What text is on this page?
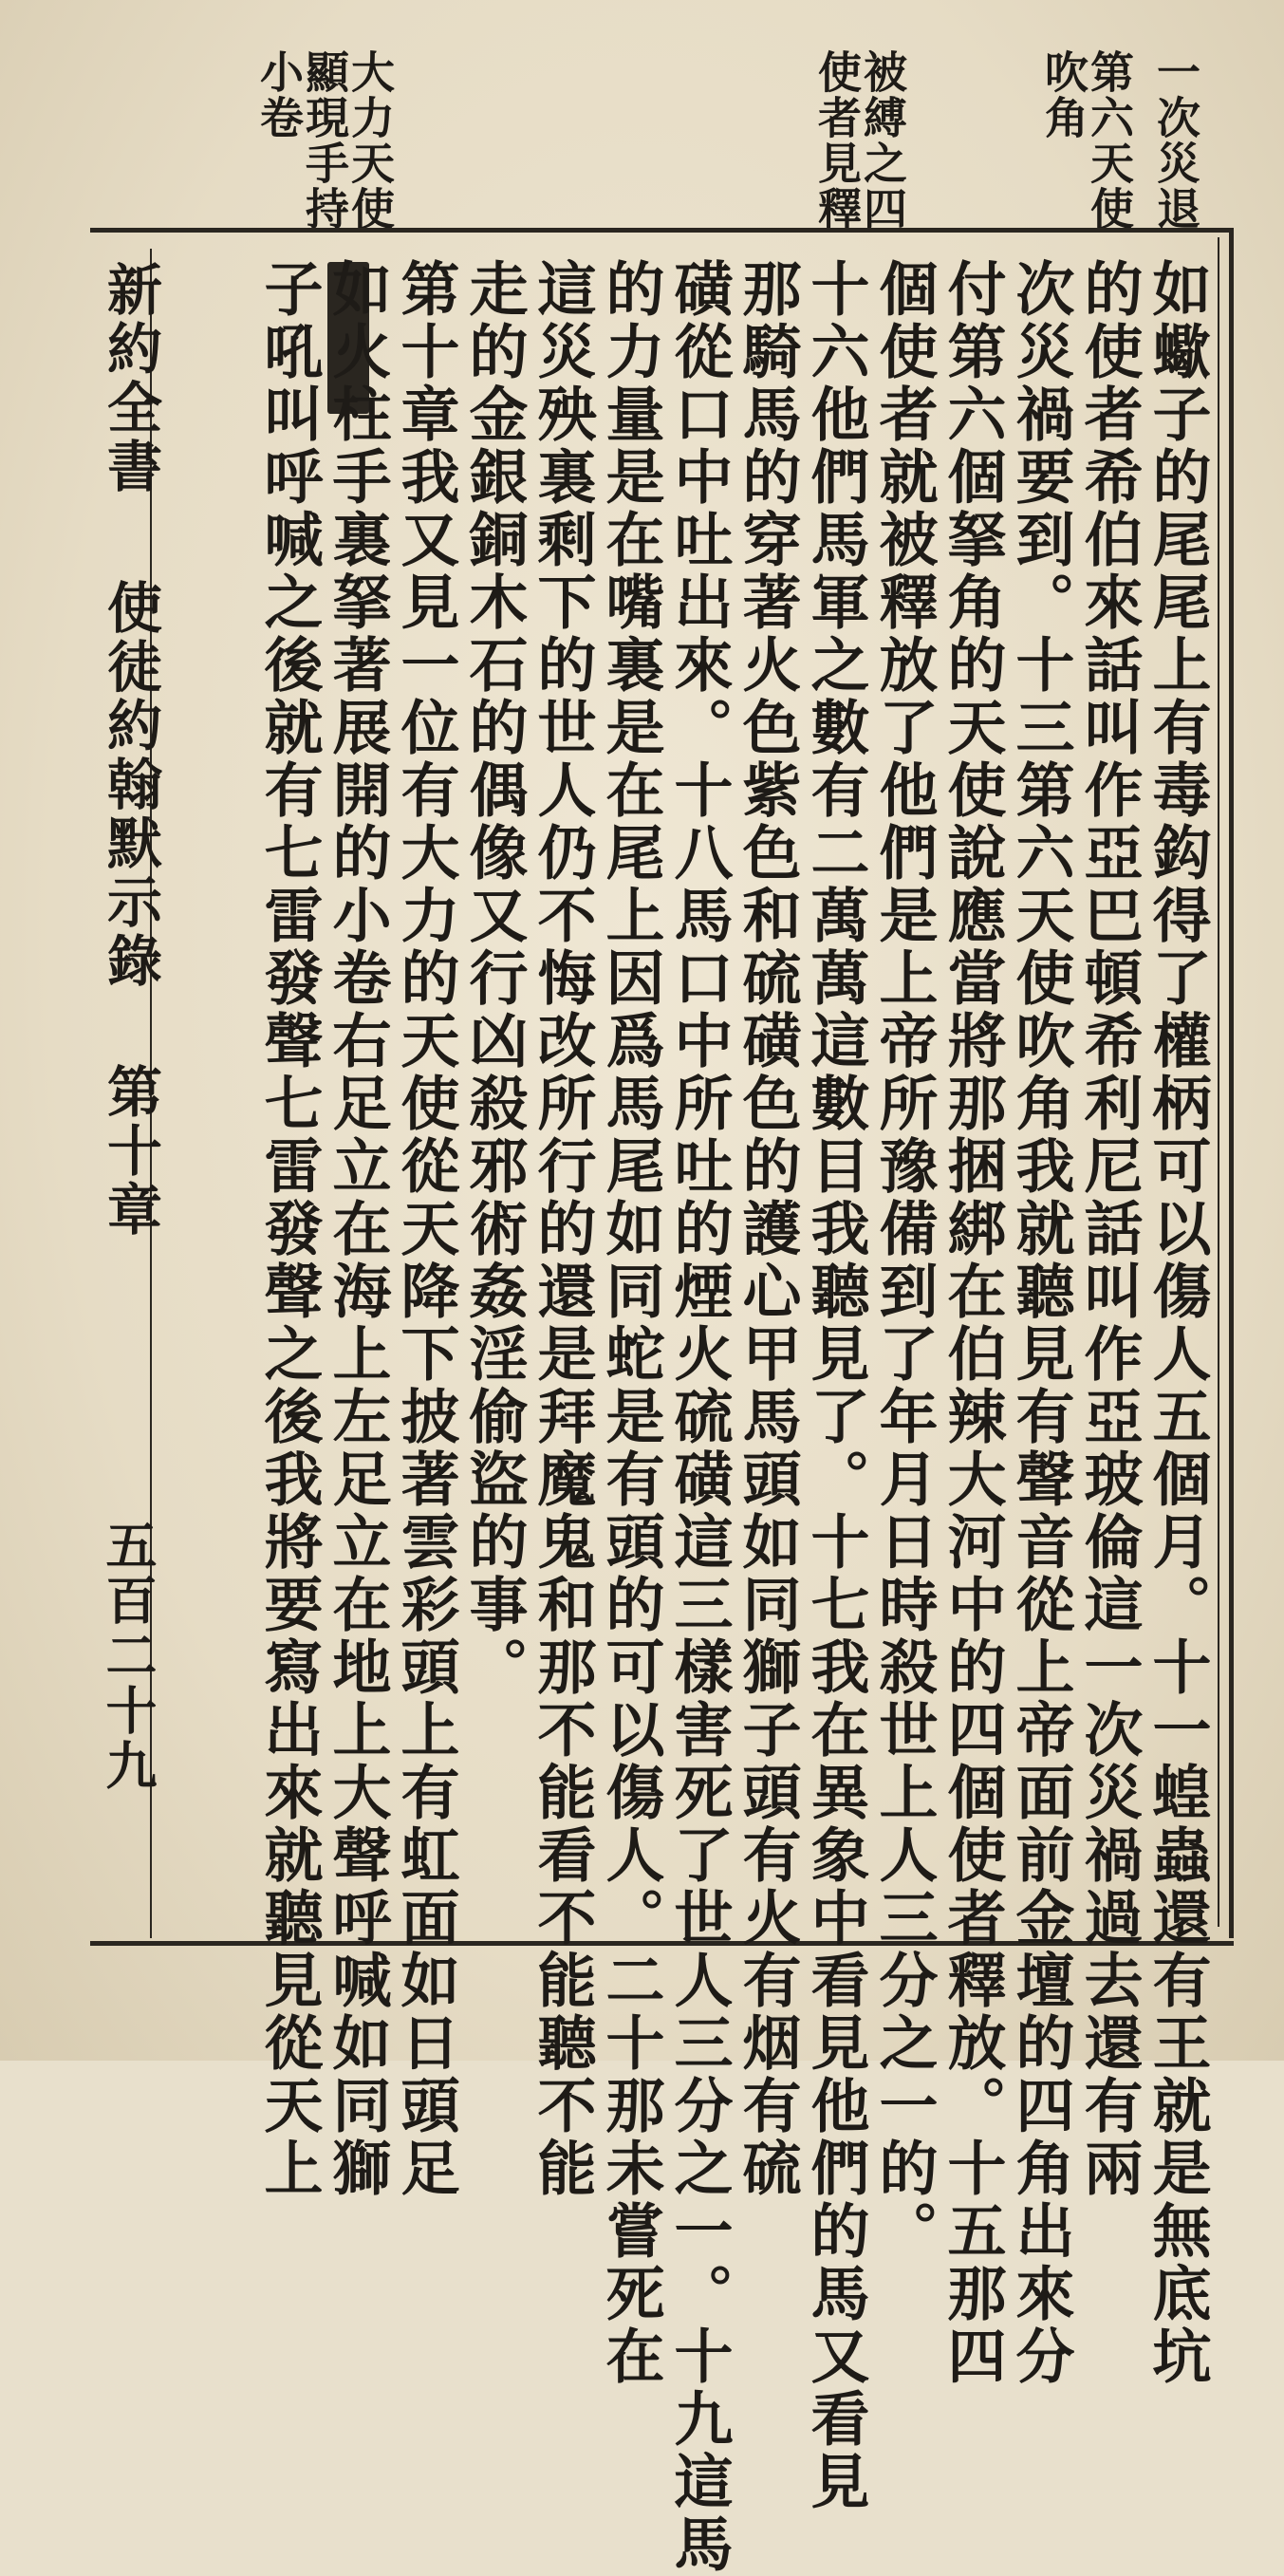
一次災退
第六天使
吹角
被縛之四
使者見釋
大力天使
顯現手持
小卷
如蠍子的尾尾上有毒鈎得了權柄可以傷人五個月。十一蝗蟲還有王就是無底坑
的使者希伯來話叫作亞巴頓希利尼話叫作亞玻倫這一次災禍過去還有兩
次災禍要到。十三第六天使吹角我就聽見有聲音從上帝面前金壇的四角出來分
付第六個拏角的天使說應當將那捆綁在伯辣大河中的四個使者釋放。十五那四
個使者就被釋放了他們是上帝所豫備到了年月日時殺世上人三分之一的。
十六他們馬軍之數有二萬萬這數目我聽見了。十七我在異象中看見他們的馬又看見
那騎馬的穿著火色紫色和硫磺色的護心甲馬頭如同獅子頭有火有烟有硫
磺從口中吐出來。十八馬口中所吐的煙火硫磺這三樣害死了世人三分之一。十九這馬
的力量是在嘴裏是在尾上因爲馬尾如同蛇是有頭的可以傷人。二十那未嘗死在
這災殃裏剩下的世人仍不悔改所行的還是拜魔鬼和那不能看不能聽不能
走的金銀銅木石的偶像又行凶殺邪術姦淫偷盜的事。
第十章我又見一位有大力的天使從天降下披著雲彩頭上有虹面如日頭足
如火柱手裏拏著展開的小卷右足立在海上左足立在地上大聲呼喊如同獅
子吼叫呼喊之後就有七雷發聲七雷發聲之後我將要寫出來就聽見從天上
新約全書
使徒約翰默示錄
第十章
五百二十九
